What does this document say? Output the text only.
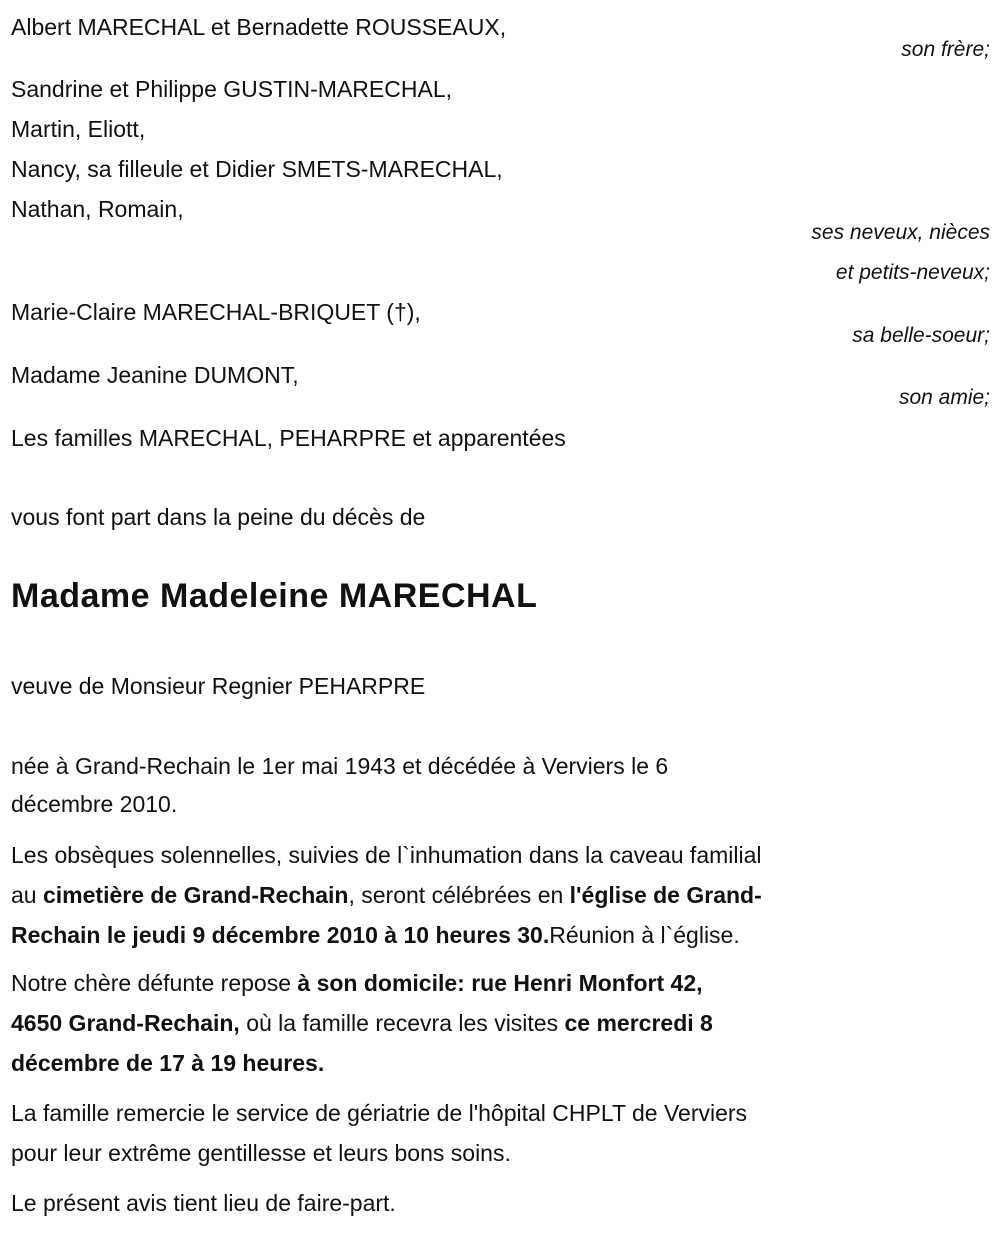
Albert MARECHAL et Bernadette ROUSSEAUX,
son frère;
Sandrine et Philippe GUSTIN-MARECHAL,
Martin, Eliott,
Nancy, sa filleule et Didier SMETS-MARECHAL,
Nathan, Romain,
ses neveux, nièces
et petits-neveux;
Marie-Claire MARECHAL-BRIQUET (†),
sa belle-soeur;
Madame Jeanine DUMONT,
son amie;
Les familles MARECHAL, PEHARPRE et apparentées
vous font part dans la peine du décès de
Madame Madeleine MARECHAL
veuve de Monsieur Regnier PEHARPRE
née à Grand-Rechain le 1er mai 1943 et décédée à Verviers le 6
décembre 2010.
Les obsèques solennelles, suivies de l`inhumation dans la caveau familial
au cimetière de Grand-Rechain, seront célébrées en l'église de Grand-
Rechain le jeudi 9 décembre 2010 à 10 heures 30.Réunion à l`église.
Notre chère défunte repose à son domicile: rue Henri Monfort 42,
4650 Grand-Rechain, où la famille recevra les visites ce mercredi 8
décembre de 17 à 19 heures.
La famille remercie le service de gériatrie de l'hôpital CHPLT de Verviers
pour leur extrême gentillesse et leurs bons soins.
Le présent avis tient lieu de faire-part.
